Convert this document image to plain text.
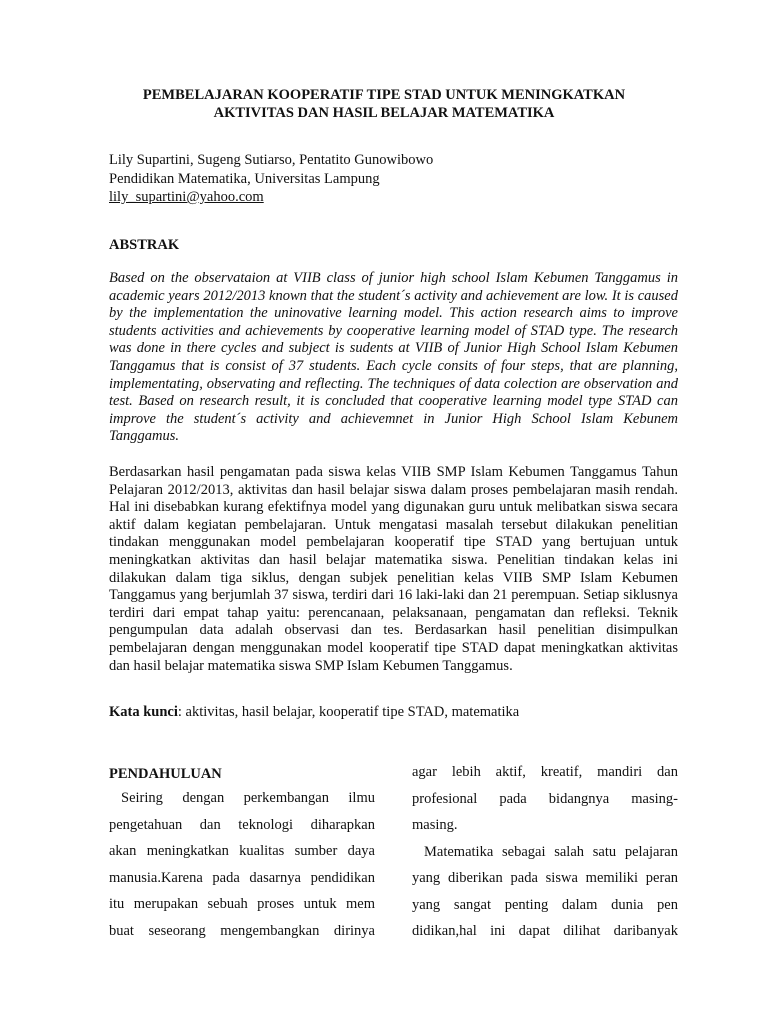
PEMBELAJARAN KOOPERATIF TIPE STAD UNTUK MENINGKATKAN
AKTIVITAS DAN HASIL BELAJAR MATEMATIKA
Lily Supartini, Sugeng Sutiarso, Pentatito Gunowibowo
Pendidikan Matematika, Universitas Lampung
lily_supartini@yahoo.com
ABSTRAK
Based on the observataion at VIIB class of junior high school Islam Kebumen Tanggamus in academic years 2012/2013 known that the student´s activity and achievement are low. It is caused by the implementation the uninovative learning model. This action research aims to improve students activities and achievements by cooperative learning model of STAD type. The research was done in there cycles and subject is sudents at VIIB of Junior High School Islam Kebumen Tanggamus that is consist of 37 students. Each cycle consits of four steps, that are planning, implementating, observating and reflecting. The techniques of data colection are observation and test. Based on research result, it is concluded that cooperative learning model type STAD can improve the student´s activity and achievemnet in Junior High School Islam Kebunem Tanggamus.
Berdasarkan hasil pengamatan pada siswa kelas VIIB SMP Islam Kebumen Tanggamus Tahun Pelajaran 2012/2013, aktivitas dan hasil belajar siswa dalam proses pembelajaran masih rendah. Hal ini disebabkan kurang efektifnya model yang digunakan guru untuk melibatkan siswa secara aktif dalam kegiatan pembelajaran. Untuk mengatasi masalah tersebut dilakukan penelitian tindakan menggunakan model pembelajaran kooperatif tipe STAD yang bertujuan untuk meningkatkan aktivitas dan hasil belajar matematika siswa. Penelitian tindakan kelas ini dilakukan dalam tiga siklus, dengan subjek penelitian kelas VIIB SMP Islam Kebumen Tanggamus yang berjumlah 37 siswa, terdiri dari 16 laki-laki dan 21 perempuan. Setiap siklusnya terdiri dari empat tahap yaitu: perencanaan, pelaksanaan, pengamatan dan refleksi. Teknik pengumpulan data adalah observasi dan tes. Berdasarkan hasil penelitian disimpulkan pembelajaran dengan menggunakan model kooperatif tipe STAD dapat meningkatkan aktivitas dan hasil belajar matematika siswa SMP Islam Kebumen Tanggamus.
Kata kunci: aktivitas, hasil belajar, kooperatif tipe STAD, matematika
PENDAHULUAN
Seiring dengan perkembangan ilmu
pengetahuan dan teknologi diharapkan
akan meningkatkan kualitas sumber daya
manusia.Karena pada dasarnya pendidikan
itu merupakan sebuah proses untuk mem
buat seseorang mengembangkan dirinya
agar lebih aktif, kreatif, mandiri dan
profesional pada bidangnya masing-
masing.
Matematika sebagai salah satu pelajaran
yang diberikan pada siswa memiliki peran
yang sangat penting dalam dunia pen
didikan,hal ini dapat dilihat daribanyak
